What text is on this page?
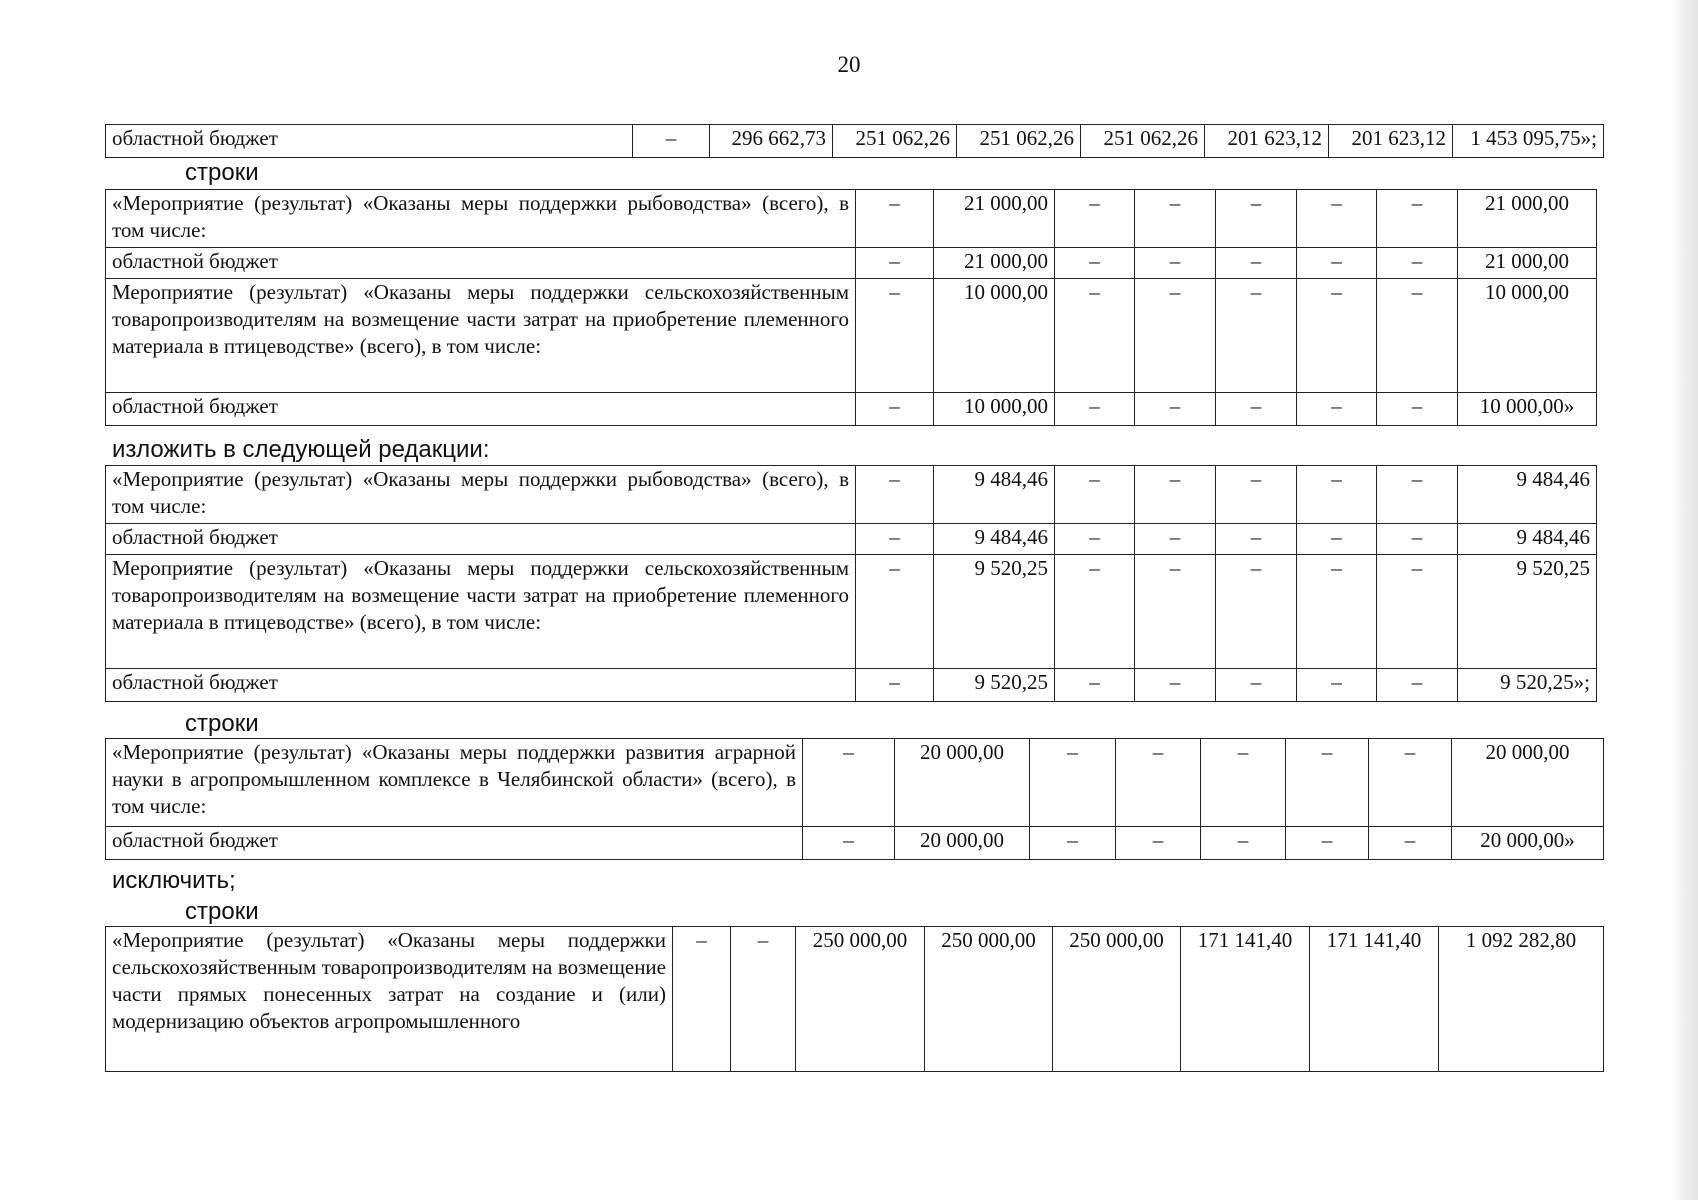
20
областной бюджет	–	296 662,73	251 062,26	251 062,26	251 062,26	201 623,12	201 623,12	1 453 095,75»;
строки
«Мероприятие (результат) «Оказаны меры поддержки рыбоводства» (всего), в том числе:	–	21 000,00	–	–	–	–	–	21 000,00
областной бюджет	–	21 000,00	–	–	–	–	–	21 000,00
Мероприятие (результат) «Оказаны меры поддержки сельскохозяйственным товаропроизводителям на возмещение части затрат на приобретение племенного материала в птицеводстве» (всего), в том числе:	–	10 000,00	–	–	–	–	–	10 000,00
областной бюджет	–	10 000,00	–	–	–	–	–	10 000,00»
изложить в следующей редакции:
«Мероприятие (результат) «Оказаны меры поддержки рыбоводства» (всего), в том числе:	–	9 484,46	–	–	–	–	–	9 484,46
областной бюджет	–	9 484,46	–	–	–	–	–	9 484,46
Мероприятие (результат) «Оказаны меры поддержки сельскохозяйственным товаропроизводителям на возмещение части затрат на приобретение племенного материала в птицеводстве» (всего), в том числе:	–	9 520,25	–	–	–	–	–	9 520,25
областной бюджет	–	9 520,25	–	–	–	–	–	9 520,25»;
строки
«Мероприятие (результат) «Оказаны меры поддержки развития аграрной науки в агропромышленном комплексе в Челябинской области» (всего), в том числе:	–	20 000,00	–	–	–	–	–	20 000,00
областной бюджет	–	20 000,00	–	–	–	–	–	20 000,00»
исключить;
строки
«Мероприятие (результат) «Оказаны меры поддержки сельскохозяйственным товаропроизводителям на возмещение части прямых понесенных затрат на создание и (или) модернизацию объектов агропромышленного	–	–	250 000,00	250 000,00	250 000,00	171 141,40	171 141,40	1 092 282,80
